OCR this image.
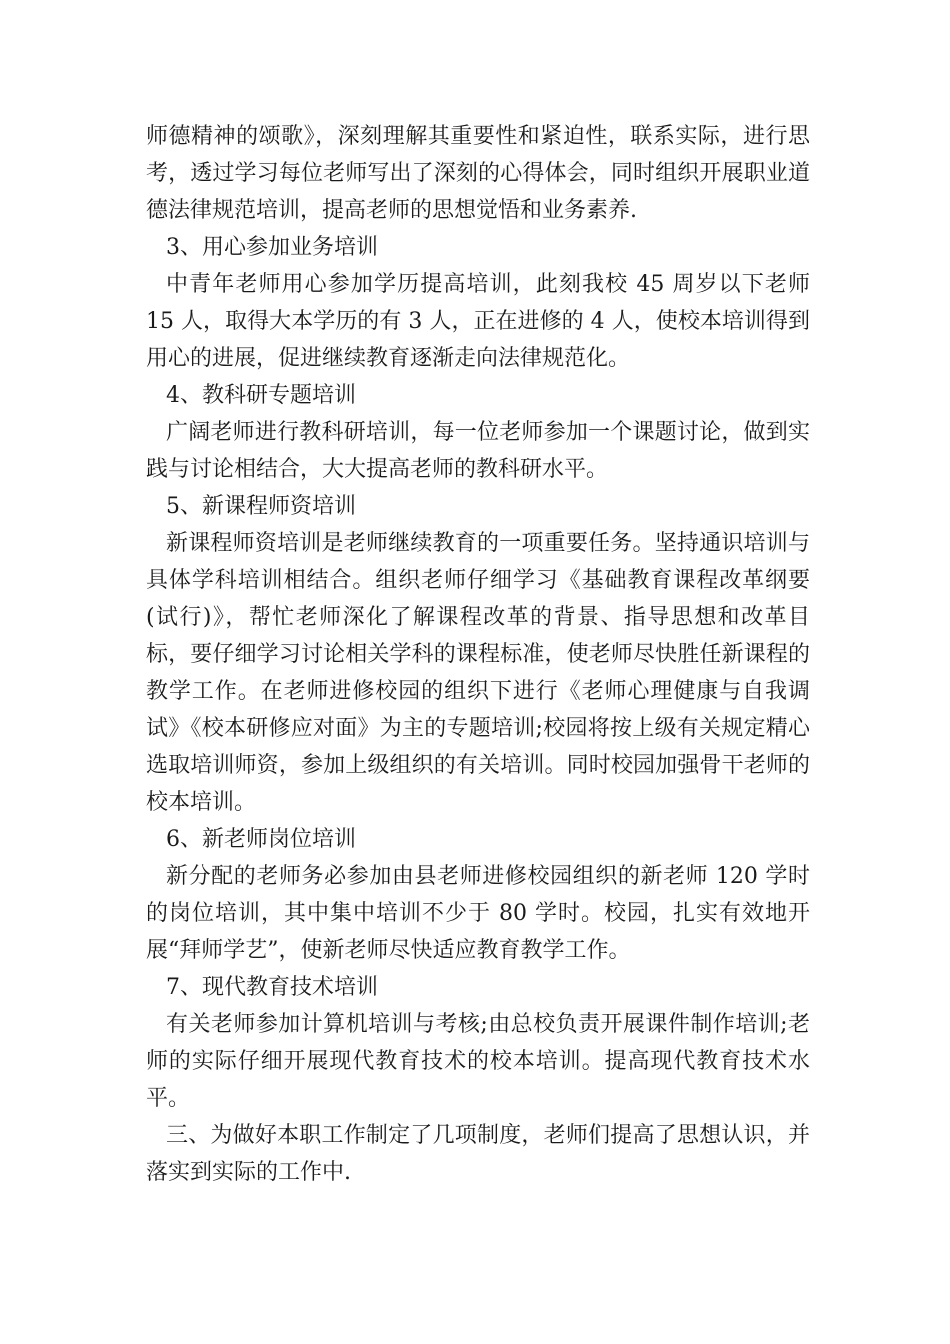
师德精神的颂歌》，深刻理解其重要性和紧迫性，联系实际，进行思考，透过学习每位老师写出了深刻的心得体会，同时组织开展职业道德法律规范培训，提高老师的思想觉悟和业务素养.

3、用心参加业务培训

中青年老师用心参加学历提高培训，此刻我校 45 周岁以下老师 15 人，取得大本学历的有 3 人，正在进修的 4 人，使校本培训得到用心的进展，促进继续教育逐渐走向法律规范化。

4、教科研专题培训

广阔老师进行教科研培训，每一位老师参加一个课题讨论，做到实践与讨论相结合，大大提高老师的教科研水平。

5、新课程师资培训

新课程师资培训是老师继续教育的一项重要任务。坚持通识培训与具体学科培训相结合。组织老师仔细学习《基础教育课程改革纲要(试行)》，帮忙老师深化了解课程改革的背景、指导思想和改革目标，要仔细学习讨论相关学科的课程标准，使老师尽快胜任新课程的教学工作。在老师进修校园的组织下进行《老师心理健康与自我调试》《校本研修应对面》为主的专题培训;校园将按上级有关规定精心选取培训师资，参加上级组织的有关培训。同时校园加强骨干老师的校本培训。

6、新老师岗位培训

新分配的老师务必参加由县老师进修校园组织的新老师 120 学时的岗位培训，其中集中培训不少于 80 学时。校园，扎实有效地开展“拜师学艺”，使新老师尽快适应教育教学工作。

7、现代教育技术培训

有关老师参加计算机培训与考核;由总校负责开展课件制作培训;老师的实际仔细开展现代教育技术的校本培训。提高现代教育技术水平。

三、为做好本职工作制定了几项制度，老师们提高了思想认识，并落实到实际的工作中.
